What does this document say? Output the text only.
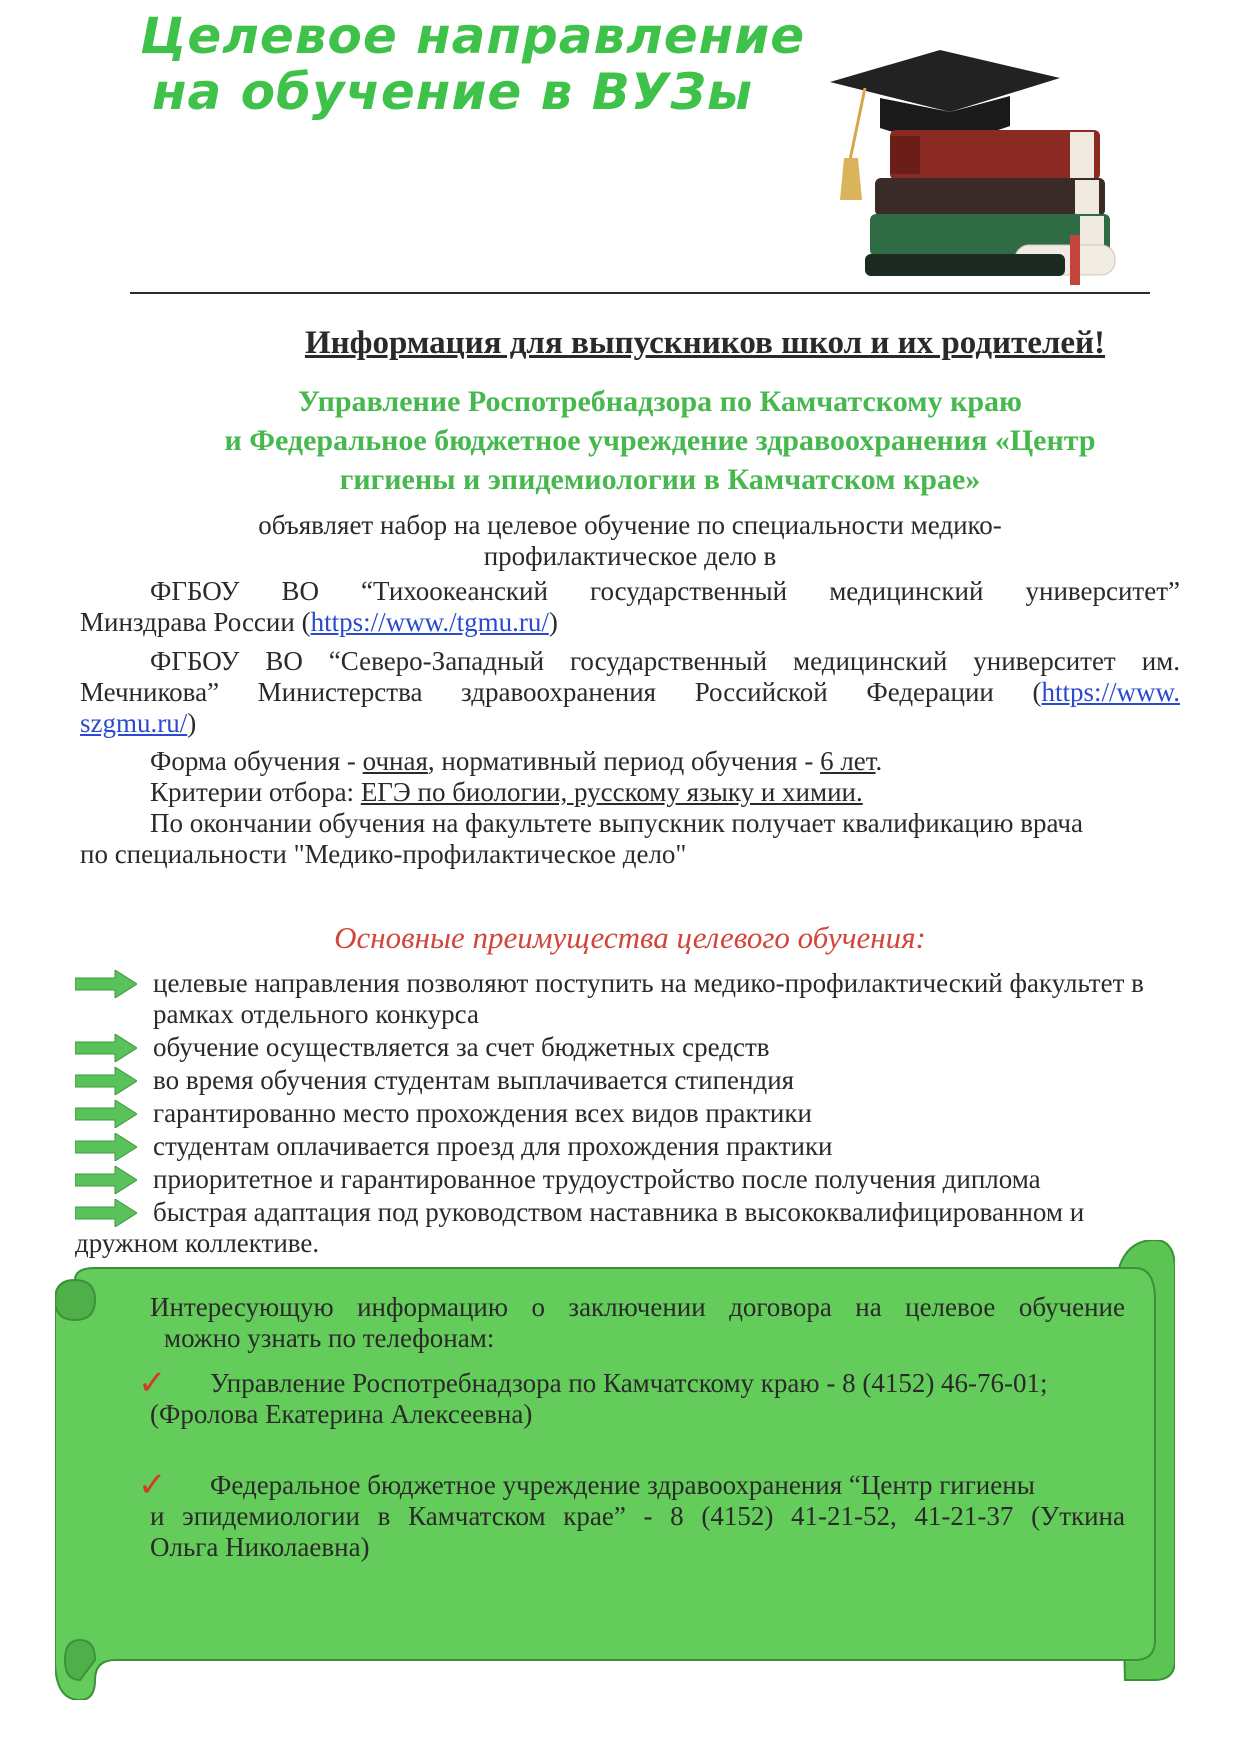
Целевое направление
на обучение в ВУЗы
Информация для выпускников школ и их родителей!
Управление Роспотребнадзора по Камчатскому краю
и Федеральное бюджетное учреждение здравоохранения «Центр
гигиены и эпидемиологии в Камчатском крае»
объявляет набор на целевое обучение по специальности медико-
профилактическое дело в
ФГБОУ ВО “Тихоокеанский государственный медицинский университет”
Минздрава России (https://www./tgmu.ru/)
ФГБОУ ВО “Северо-Западный государственный медицинский университет им.
Мечникова” Министерства здравоохранения Российской Федерации (https://www.
szgmu.ru/)
Форма обучения - очная, нормативный период обучения - 6 лет.
Критерии отбора: ЕГЭ по биологии, русскому языку и химии.
По окончании обучения на факультете выпускник получает квалификацию врача
по специальности "Медико-профилактическое дело"
Основные преимущества целевого обучения:
целевые направления позволяют поступить на медико-профилактический факультет в рамках отдельного конкурса
обучение осуществляется за счет бюджетных средств
во время обучения студентам выплачивается стипендия
гарантированно место прохождения всех видов практики
студентам оплачивается проезд для прохождения практики
приоритетное и гарантированное трудоустройство после получения диплома
быстрая адаптация под руководством наставника в высококвалифицированном и
дружном коллективе.
Интересующую информацию о заключении договора на целевое обучение
можно узнать по телефонам:
✓	Управление Роспотребнадзора по Камчатскому краю - 8 (4152) 46-76-01;
(Фролова Екатерина Алексеевна)
✓	Федеральное бюджетное учреждение здравоохранения “Центр гигиены
и эпидемиологии в Камчатском крае” - 8 (4152) 41-21-52, 41-21-37 (Уткина
Ольга Николаевна)
